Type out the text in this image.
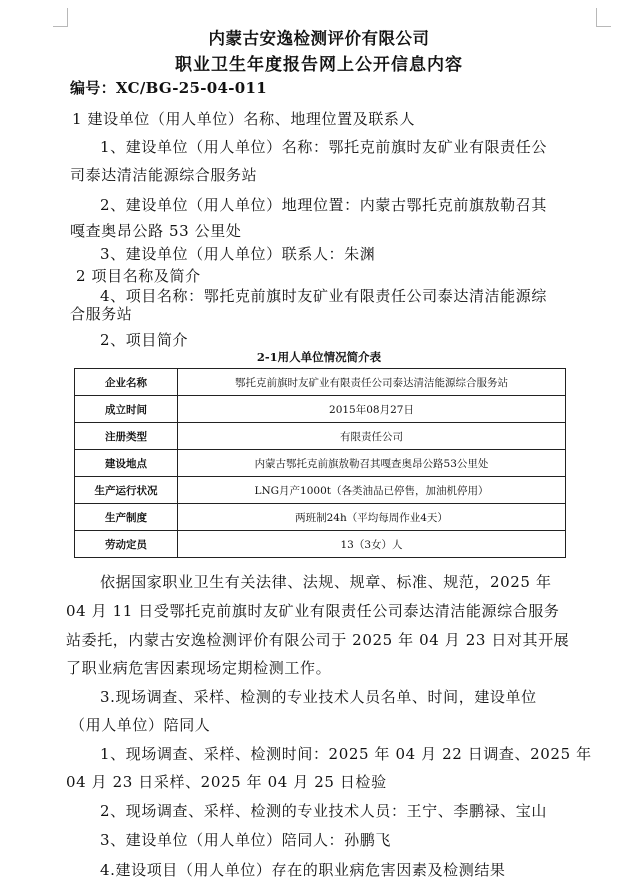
内蒙古安逸检测评价有限公司
职业卫生年度报告网上公开信息内容
编号：XC/BG-25-04-011
1 建设单位（用人单位）名称、地理位置及联系人
1、建设单位（用人单位）名称：鄂托克前旗时友矿业有限责任公
司泰达清洁能源综合服务站
2、建设单位（用人单位）地理位置：内蒙古鄂托克前旗敖勒召其
嘎查奥昂公路 53 公里处
3、建设单位（用人单位）联系人：朱渊
2 项目名称及简介
4、项目名称：鄂托克前旗时友矿业有限责任公司泰达清洁能源综
合服务站
2、项目简介
2-1用人单位情况简介表
企业名称	鄂托克前旗时友矿业有限责任公司泰达清洁能源综合服务站
成立时间	2015年08月27日
注册类型	有限责任公司
建设地点	内蒙古鄂托克前旗敖勒召其嘎查奥昂公路53公里处
生产运行状况	LNG月产1000t（各类油品已停售，加油机停用）
生产制度	两班制24h（平均每周作业4天）
劳动定员	13（3女）人
依据国家职业卫生有关法律、法规、规章、标准、规范，2025 年
04 月 11 日受鄂托克前旗时友矿业有限责任公司泰达清洁能源综合服务
站委托，内蒙古安逸检测评价有限公司于 2025 年 04 月 23 日对其开展
了职业病危害因素现场定期检测工作。
3.现场调查、采样、检测的专业技术人员名单、时间，建设单位
（用人单位）陪同人
1、现场调查、采样、检测时间：2025 年 04 月 22 日调查、2025 年
04 月 23 日采样、2025 年 04 月 25 日检验
2、现场调查、采样、检测的专业技术人员：王宁、李鹏禄、宝山
3、建设单位（用人单位）陪同人：孙鹏飞
4.建设项目（用人单位）存在的职业病危害因素及检测结果
